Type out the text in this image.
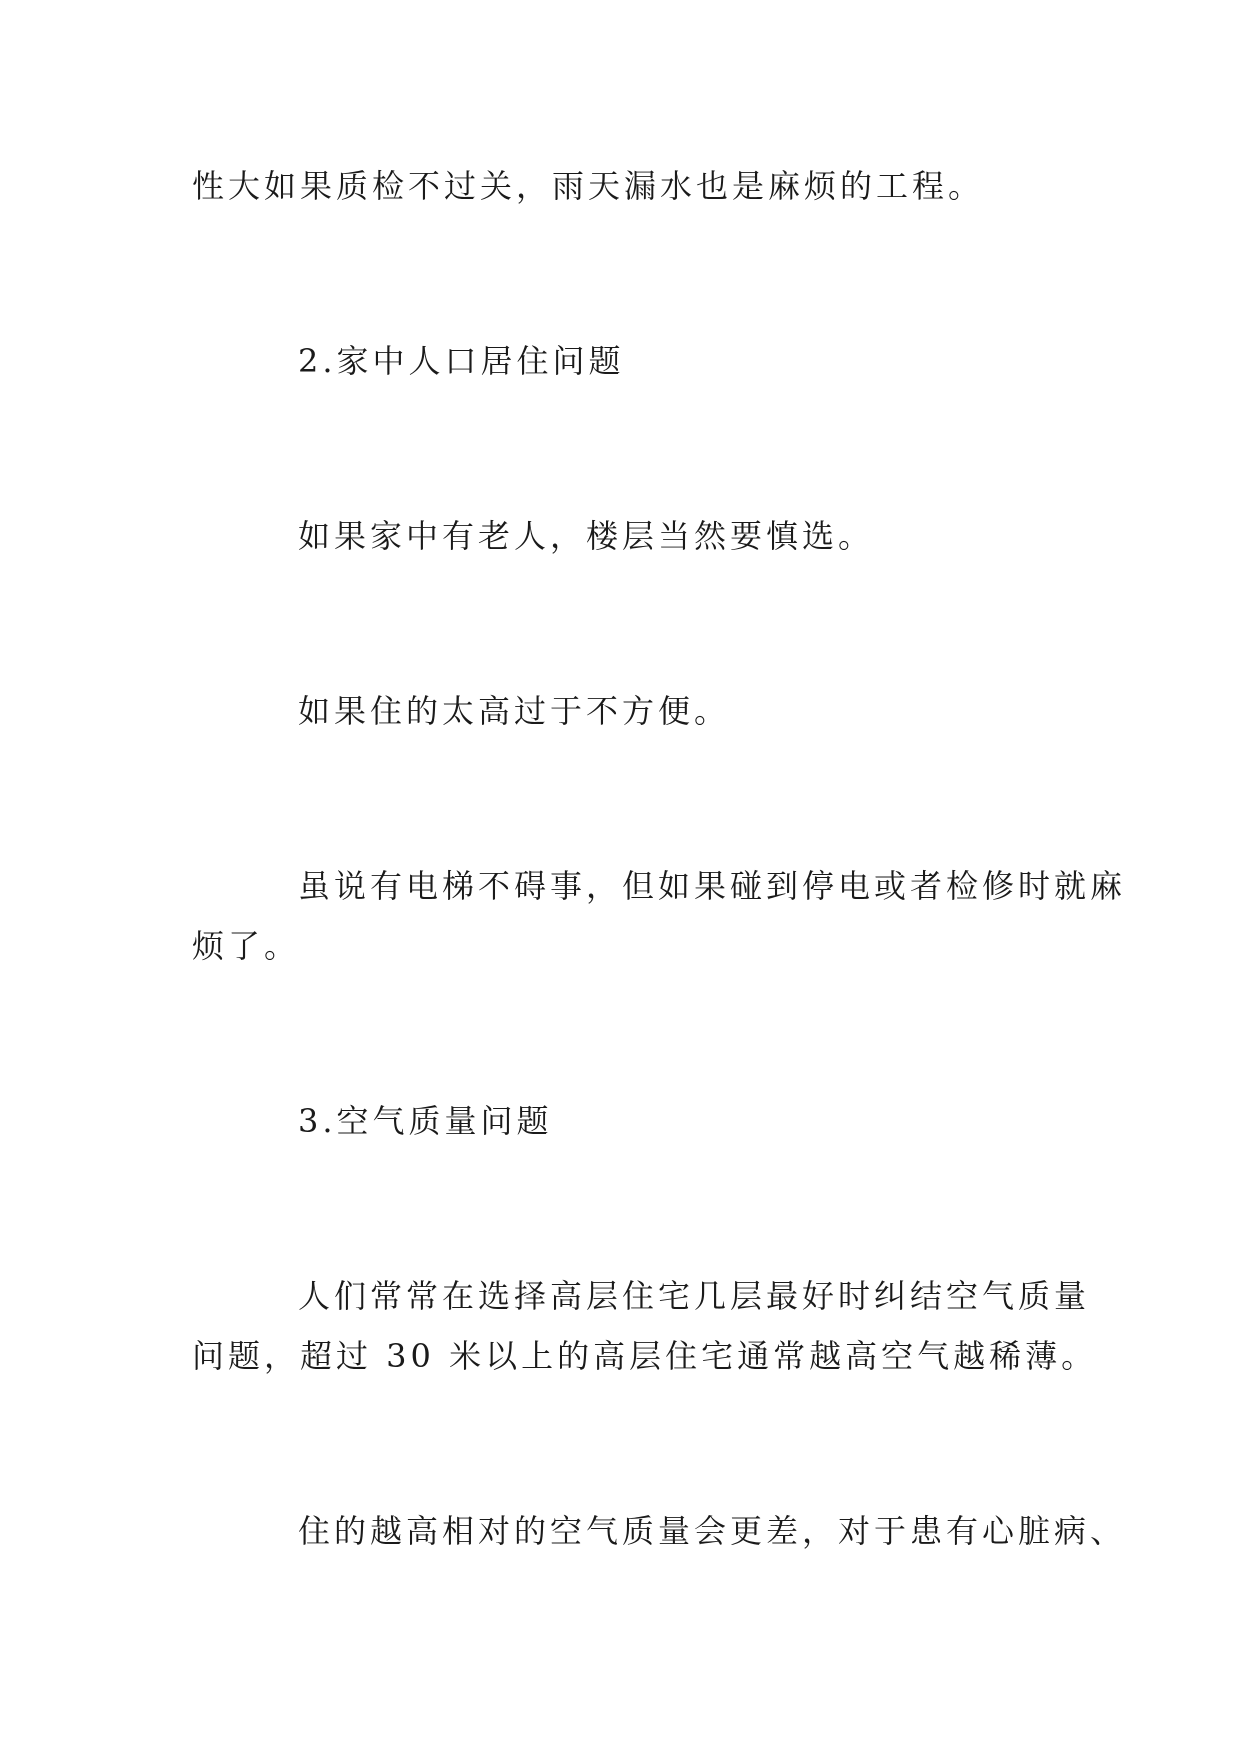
性大如果质检不过关，雨天漏水也是麻烦的工程。

2.家中人口居住问题

如果家中有老人，楼层当然要慎选。

如果住的太高过于不方便。

虽说有电梯不碍事，但如果碰到停电或者检修时就麻

烦了。

3.空气质量问题

人们常常在选择高层住宅几层最好时纠结空气质量

问题，超过 30 米以上的高层住宅通常越高空气越稀薄。

住的越高相对的空气质量会更差，对于患有心脏病、
